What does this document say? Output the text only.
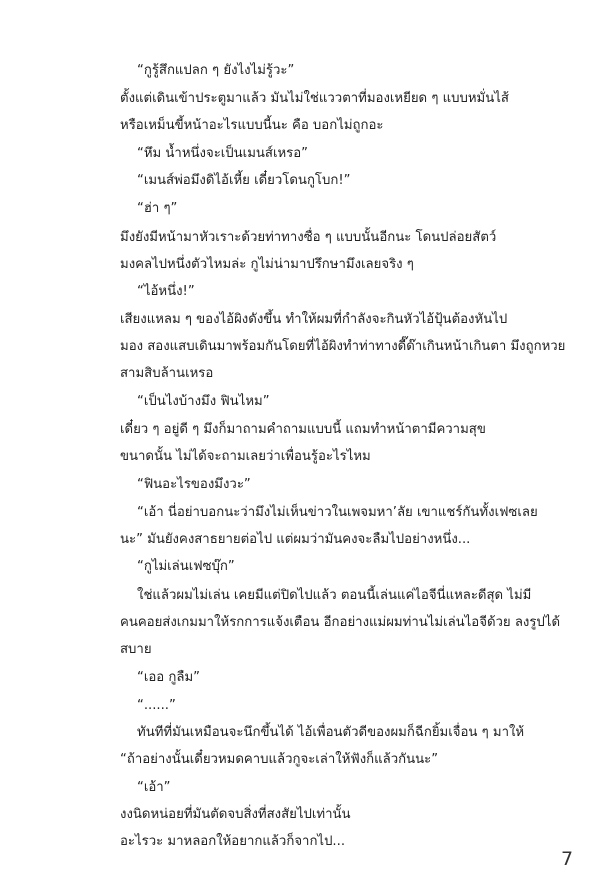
“กูรู้สึกแปลก ๆ ยังไงไม่รู้วะ”
ตั้งแต่เดินเข้าประตูมาแล้ว มันไม่ใช่แววตาที่มองเหยียด ๆ แบบหมั่นไส้
หรือเหม็นขี้หน้าอะไรแบบนี้นะ คือ บอกไม่ถูกอะ
“หึม น้ำหนึ่งจะเป็นเมนส์เหรอ”
“เมนส์พ่อมึงดิไอ้เหี้ย เดี๋ยวโดนกูโบก!”
“ฮ่า ๆ”
มึงยังมีหน้ามาหัวเราะด้วยท่าทางซื่อ ๆ แบบนั้นอีกนะ โดนปล่อยสัตว์
มงคลไปหนึ่งตัวไหมล่ะ กูไม่น่ามาปรึกษามึงเลยจริง ๆ
“ไอ้หนึ่ง!”
เสียงแหลม ๆ ของไอ้ผิงดังขึ้น ทำให้ผมที่กำลังจะกินหัวไอ้ปุ้นต้องหันไป
มอง สองแสบเดินมาพร้อมกันโดยที่ไอ้ผิงทำท่าทางดี๊ด๊าเกินหน้าเกินตา มึงถูกหวย
สามสิบล้านเหรอ
“เป็นไงบ้างมึง ฟินไหม”
เดี๋ยว ๆ อยู่ดี ๆ มึงก็มาถามคำถามแบบนี้ แถมทำหน้าตามีความสุข
ขนาดนั้น ไม่ได้จะถามเลยว่าเพื่อนรู้อะไรไหม
“ฟินอะไรของมึงวะ”
“เอ้า นี่อย่าบอกนะว่ามึงไม่เห็นข่าวในเพจมหา’ลัย เขาแชร์กันทั้งเฟซเลย
นะ” มันยังคงสาธยายต่อไป แต่ผมว่ามันคงจะลืมไปอย่างหนึ่ง...
“กูไม่เล่นเฟซบุ๊ก”
ใช่แล้วผมไม่เล่น เคยมีแต่ปิดไปแล้ว ตอนนี้เล่นแค่ไอจีนี่แหละดีสุด ไม่มี
คนคอยส่งเกมมาให้รกการแจ้งเตือน อีกอย่างแม่ผมท่านไม่เล่นไอจีด้วย ลงรูปได้
สบาย
“เออ กูลืม”
“......”
ทันทีที่มันเหมือนจะนึกขึ้นได้ ไอ้เพื่อนตัวดีของผมก็ฉีกยิ้มเจื่อน ๆ มาให้
“ถ้าอย่างนั้นเดี๋ยวหมดคาบแล้วกูจะเล่าให้ฟังก็แล้วกันนะ”
“เอ้า”
งงนิดหน่อยที่มันตัดจบสิ่งที่สงสัยไปเท่านั้น
อะไรวะ มาหลอกให้อยากแล้วก็จากไป...
7
